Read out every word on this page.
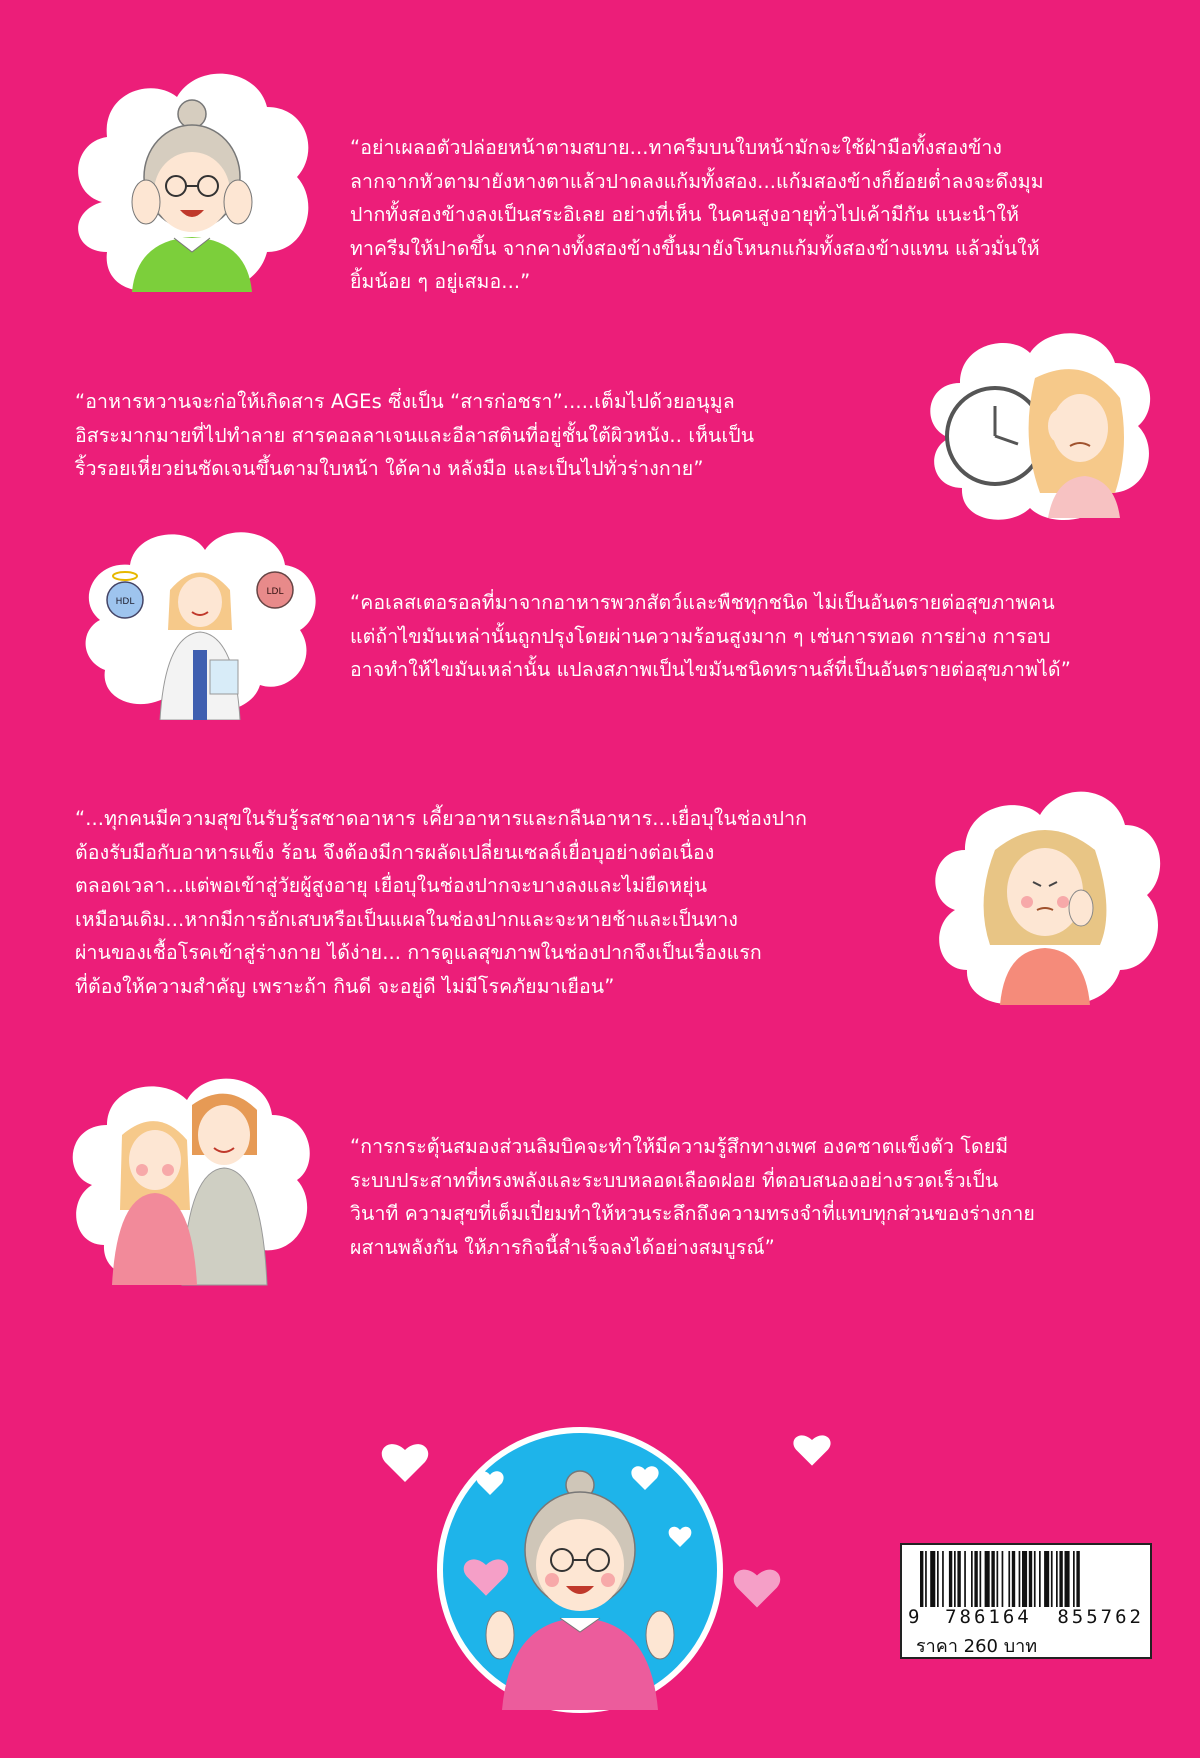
“อย่าเผลอตัวปล่อยหน้าตามสบาย...ทาครีมบนใบหน้ามักจะใช้ฝ่ามือทั้งสองข้าง
ลากจากหัวตามายังหางตาแล้วปาดลงแก้มทั้งสอง...แก้มสองข้างก็ย้อยต่ำลงจะดึงมุม
ปากทั้งสองข้างลงเป็นสระอิเลย อย่างที่เห็น ในคนสูงอายุทั่วไปเค้ามีกัน แนะนำให้
ทาครีมให้ปาดขึ้น จากคางทั้งสองข้างขึ้นมายังโหนกแก้มทั้งสองข้างแทน แล้วมั่นให้
ยิ้มน้อย ๆ อยู่เสมอ...”
“อาหารหวานจะก่อให้เกิดสาร AGEs ซึ่งเป็น “สารก่อชรา”.....เต็มไปด้วยอนุมูล
อิสระมากมายที่ไปทำลาย สารคอลลาเจนและอีลาสตินที่อยู่ชั้นใต้ผิวหนัง.. เห็นเป็น
ริ้วรอยเหี่ยวย่นชัดเจนขึ้นตามใบหน้า ใต้คาง หลังมือ และเป็นไปทั่วร่างกาย”
HDL
LDL	“คอเลสเตอรอลที่มาจากอาหารพวกสัตว์และพืชทุกชนิด ไม่เป็นอันตรายต่อสุขภาพคน
แต่ถ้าไขมันเหล่านั้นถูกปรุงโดยผ่านความร้อนสูงมาก ๆ เช่นการทอด การย่าง การอบ
อาจทำให้ไขมันเหล่านั้น แปลงสภาพเป็นไขมันชนิดทรานส์ที่เป็นอันตรายต่อสุขภาพได้”
“...ทุกคนมีความสุขในรับรู้รสชาดอาหาร เคี้ยวอาหารและกลืนอาหาร...เยื่อบุในช่องปาก
ต้องรับมือกับอาหารแข็ง ร้อน จึงต้องมีการผลัดเปลี่ยนเซลล์เยื่อบุอย่างต่อเนื่อง
ตลอดเวลา...แต่พอเข้าสู่วัยผู้สูงอายุ เยื่อบุในช่องปากจะบางลงและไม่ยืดหยุ่น
เหมือนเดิม...หากมีการอักเสบหรือเป็นแผลในช่องปากและจะหายช้าและเป็นทาง
ผ่านของเชื้อโรคเข้าสู่ร่างกาย ได้ง่าย... การดูแลสุขภาพในช่องปากจึงเป็นเรื่องแรก
ที่ต้องให้ความสำคัญ เพราะถ้า กินดี จะอยู่ดี ไม่มีโรคภัยมาเยือน”
“การกระตุ้นสมองส่วนลิมบิคจะทำให้มีความรู้สึกทางเพศ องคชาตแข็งตัว โดยมี
ระบบประสาทที่ทรงพลังและระบบหลอดเลือดฝอย ที่ตอบสนองอย่างรวดเร็วเป็น
วินาที ความสุขที่เต็มเปี่ยมทำให้หวนระลึกถึงความทรงจำที่แทบทุกส่วนของร่างกาย
ผสานพลังกัน ให้ภารกิจนี้สำเร็จลงได้อย่างสมบูรณ์”
9 786164 855762
ราคา 260 บาท
